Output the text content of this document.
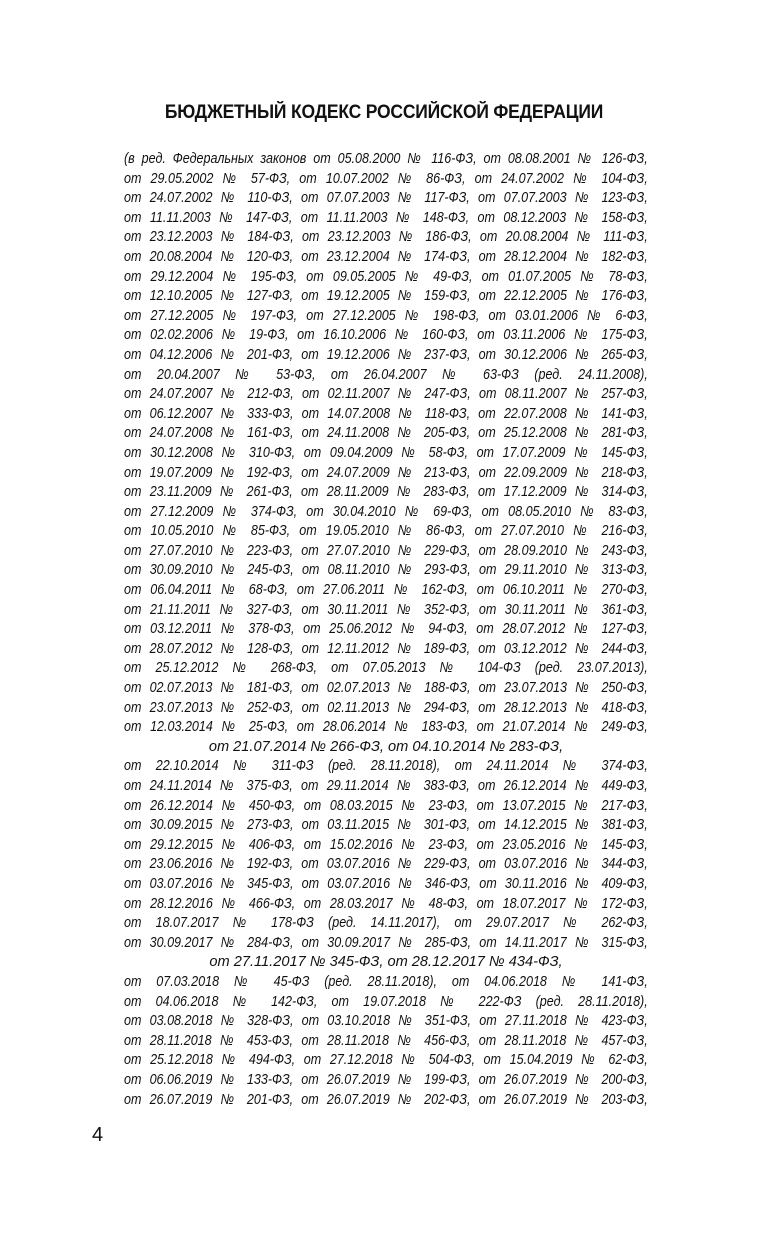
БЮДЖЕТНЫЙ КОДЕКС РОССИЙСКОЙ ФЕДЕРАЦИИ
(в ред. Федеральных законов от 05.08.2000 № 116-ФЗ, от 08.08.2001 № 126-ФЗ,
от 29.05.2002 № 57-ФЗ, от 10.07.2002 № 86-ФЗ, от 24.07.2002 № 104-ФЗ,
от 24.07.2002 № 110-ФЗ, от 07.07.2003 № 117-ФЗ, от 07.07.2003 № 123-ФЗ,
от 11.11.2003 № 147-ФЗ, от 11.11.2003 № 148-ФЗ, от 08.12.2003 № 158-ФЗ,
от 23.12.2003 № 184-ФЗ, от 23.12.2003 № 186-ФЗ, от 20.08.2004 № 111-ФЗ,
от 20.08.2004 № 120-ФЗ, от 23.12.2004 № 174-ФЗ, от 28.12.2004 № 182-ФЗ,
от 29.12.2004 № 195-ФЗ, от 09.05.2005 № 49-ФЗ, от 01.07.2005 № 78-ФЗ,
от 12.10.2005 № 127-ФЗ, от 19.12.2005 № 159-ФЗ, от 22.12.2005 № 176-ФЗ,
от 27.12.2005 № 197-ФЗ, от 27.12.2005 № 198-ФЗ, от 03.01.2006 № 6-ФЗ,
от 02.02.2006 № 19-ФЗ, от 16.10.2006 № 160-ФЗ, от 03.11.2006 № 175-ФЗ,
от 04.12.2006 № 201-ФЗ, от 19.12.2006 № 237-ФЗ, от 30.12.2006 № 265-ФЗ,
от 20.04.2007 № 53-ФЗ, от 26.04.2007 № 63-ФЗ (ред. 24.11.2008),
от 24.07.2007 № 212-ФЗ, от 02.11.2007 № 247-ФЗ, от 08.11.2007 № 257-ФЗ,
от 06.12.2007 № 333-ФЗ, от 14.07.2008 № 118-ФЗ, от 22.07.2008 № 141-ФЗ,
от 24.07.2008 № 161-ФЗ, от 24.11.2008 № 205-ФЗ, от 25.12.2008 № 281-ФЗ,
от 30.12.2008 № 310-ФЗ, от 09.04.2009 № 58-ФЗ, от 17.07.2009 № 145-ФЗ,
от 19.07.2009 № 192-ФЗ, от 24.07.2009 № 213-ФЗ, от 22.09.2009 № 218-ФЗ,
от 23.11.2009 № 261-ФЗ, от 28.11.2009 № 283-ФЗ, от 17.12.2009 № 314-ФЗ,
от 27.12.2009 № 374-ФЗ, от 30.04.2010 № 69-ФЗ, от 08.05.2010 № 83-ФЗ,
от 10.05.2010 № 85-ФЗ, от 19.05.2010 № 86-ФЗ, от 27.07.2010 № 216-ФЗ,
от 27.07.2010 № 223-ФЗ, от 27.07.2010 № 229-ФЗ, от 28.09.2010 № 243-ФЗ,
от 30.09.2010 № 245-ФЗ, от 08.11.2010 № 293-ФЗ, от 29.11.2010 № 313-ФЗ,
от 06.04.2011 № 68-ФЗ, от 27.06.2011 № 162-ФЗ, от 06.10.2011 № 270-ФЗ,
от 21.11.2011 № 327-ФЗ, от 30.11.2011 № 352-ФЗ, от 30.11.2011 № 361-ФЗ,
от 03.12.2011 № 378-ФЗ, от 25.06.2012 № 94-ФЗ, от 28.07.2012 № 127-ФЗ,
от 28.07.2012 № 128-ФЗ, от 12.11.2012 № 189-ФЗ, от 03.12.2012 № 244-ФЗ,
от 25.12.2012 № 268-ФЗ, от 07.05.2013 № 104-ФЗ (ред. 23.07.2013),
от 02.07.2013 № 181-ФЗ, от 02.07.2013 № 188-ФЗ, от 23.07.2013 № 250-ФЗ,
от 23.07.2013 № 252-ФЗ, от 02.11.2013 № 294-ФЗ, от 28.12.2013 № 418-ФЗ,
от 12.03.2014 № 25-ФЗ, от 28.06.2014 № 183-ФЗ, от 21.07.2014 № 249-ФЗ,
от 21.07.2014 № 266-ФЗ, от 04.10.2014 № 283-ФЗ,
от 22.10.2014 № 311-ФЗ (ред. 28.11.2018), от 24.11.2014 № 374-ФЗ,
от 24.11.2014 № 375-ФЗ, от 29.11.2014 № 383-ФЗ, от 26.12.2014 № 449-ФЗ,
от 26.12.2014 № 450-ФЗ, от 08.03.2015 № 23-ФЗ, от 13.07.2015 № 217-ФЗ,
от 30.09.2015 № 273-ФЗ, от 03.11.2015 № 301-ФЗ, от 14.12.2015 № 381-ФЗ,
от 29.12.2015 № 406-ФЗ, от 15.02.2016 № 23-ФЗ, от 23.05.2016 № 145-ФЗ,
от 23.06.2016 № 192-ФЗ, от 03.07.2016 № 229-ФЗ, от 03.07.2016 № 344-ФЗ,
от 03.07.2016 № 345-ФЗ, от 03.07.2016 № 346-ФЗ, от 30.11.2016 № 409-ФЗ,
от 28.12.2016 № 466-ФЗ, от 28.03.2017 № 48-ФЗ, от 18.07.2017 № 172-ФЗ,
от 18.07.2017 № 178-ФЗ (ред. 14.11.2017), от 29.07.2017 № 262-ФЗ,
от 30.09.2017 № 284-ФЗ, от 30.09.2017 № 285-ФЗ, от 14.11.2017 № 315-ФЗ,
от 27.11.2017 № 345-ФЗ, от 28.12.2017 № 434-ФЗ,
от 07.03.2018 № 45-ФЗ (ред. 28.11.2018), от 04.06.2018 № 141-ФЗ,
от 04.06.2018 № 142-ФЗ, от 19.07.2018 № 222-ФЗ (ред. 28.11.2018),
от 03.08.2018 № 328-ФЗ, от 03.10.2018 № 351-ФЗ, от 27.11.2018 № 423-ФЗ,
от 28.11.2018 № 453-ФЗ, от 28.11.2018 № 456-ФЗ, от 28.11.2018 № 457-ФЗ,
от 25.12.2018 № 494-ФЗ, от 27.12.2018 № 504-ФЗ, от 15.04.2019 № 62-ФЗ,
от 06.06.2019 № 133-ФЗ, от 26.07.2019 № 199-ФЗ, от 26.07.2019 № 200-ФЗ,
от 26.07.2019 № 201-ФЗ, от 26.07.2019 № 202-ФЗ, от 26.07.2019 № 203-ФЗ,
4
